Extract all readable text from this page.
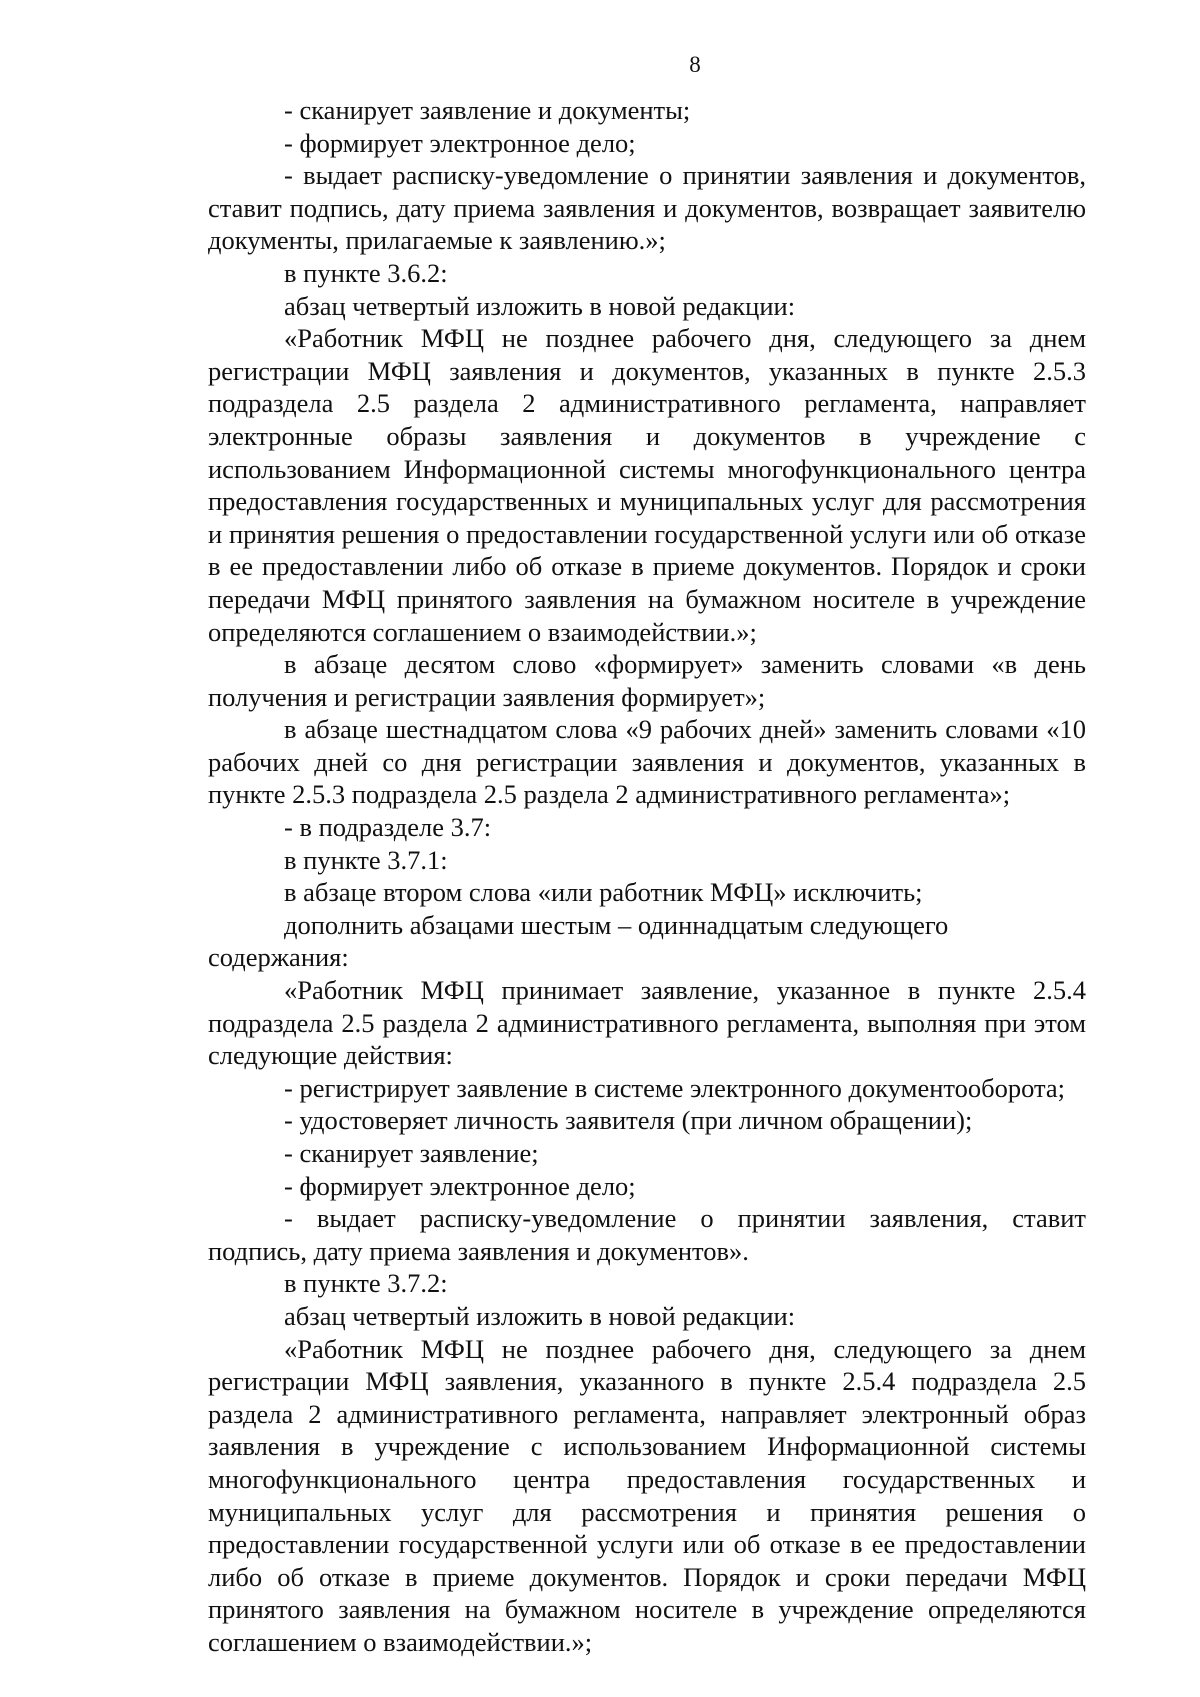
8

- сканирует заявление и документы;

- формирует электронное дело;

- выдает расписку-уведомление о принятии заявления и документов, ставит подпись, дату приема заявления и документов, возвращает заявителю документы, прилагаемые к заявлению.»;

в пункте 3.6.2:

абзац четвертый изложить в новой редакции:

«Работник МФЦ не позднее рабочего дня, следующего за днем регистрации МФЦ заявления и документов, указанных в пункте 2.5.3 подраздела 2.5 раздела 2 административного регламента, направляет электронные образы заявления и документов в учреждение с использованием Информационной системы многофункционального центра предоставления государственных и муниципальных услуг для рассмотрения и принятия решения о предоставлении государственной услуги или об отказе в ее предоставлении либо об отказе в приеме документов. Порядок и сроки передачи МФЦ принятого заявления на бумажном носителе в учреждение определяются соглашением о взаимодействии.»;

в абзаце десятом слово «формирует» заменить словами «в день получения и регистрации заявления формирует»;

в абзаце шестнадцатом слова «9 рабочих дней» заменить словами «10 рабочих дней со дня регистрации заявления и документов, указанных в пункте 2.5.3 подраздела 2.5 раздела 2 административного регламента»;

- в подразделе 3.7:

в пункте 3.7.1:

в абзаце втором слова «или работник МФЦ» исключить;

дополнить абзацами шестым – одиннадцатым следующего содержания:

«Работник МФЦ принимает заявление, указанное в пункте 2.5.4 подраздела 2.5 раздела 2 административного регламента, выполняя при этом следующие действия:

- регистрирует заявление в системе электронного документооборота;

- удостоверяет личность заявителя (при личном обращении);

- сканирует заявление;

- формирует электронное дело;

- выдает расписку-уведомление о принятии заявления, ставит подпись, дату приема заявления и документов».

в пункте 3.7.2:

абзац четвертый изложить в новой редакции:

«Работник МФЦ не позднее рабочего дня, следующего за днем регистрации МФЦ заявления, указанного в пункте 2.5.4 подраздела 2.5 раздела 2 административного регламента, направляет электронный образ заявления в учреждение с использованием Информационной системы многофункционального центра предоставления государственных и муниципальных услуг для рассмотрения и принятия решения о предоставлении государственной услуги или об отказе в ее предоставлении либо об отказе в приеме документов. Порядок и сроки передачи МФЦ принятого заявления на бумажном носителе в учреждение определяются соглашением о взаимодействии.»;
